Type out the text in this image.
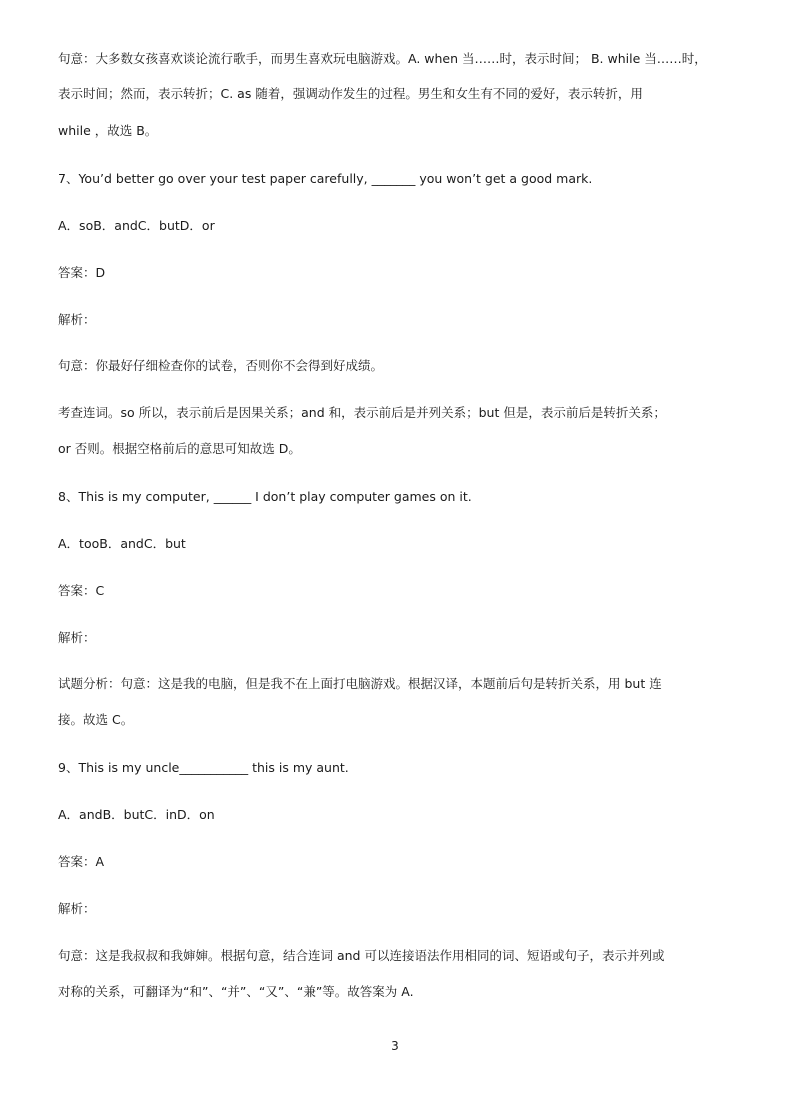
句意：大多数女孩喜欢谈论流行歌手，而男生喜欢玩电脑游戏。A. when 当……时，表示时间； B. while 当……时，
表示时间；然而，表示转折；C. as 随着，强调动作发生的过程。男生和女生有不同的爱好，表示转折，用
while ，故选 B。
7、You’d better go over your test paper carefully, _______ you won’t get a good mark.
A．soB．andC．butD．or
答案：D
解析：
句意：你最好仔细检查你的试卷，否则你不会得到好成绩。
考查连词。so 所以，表示前后是因果关系；and 和，表示前后是并列关系；but 但是，表示前后是转折关系；
or 否则。根据空格前后的意思可知故选 D。
8、This is my computer, ______ I don’t play computer games on it.
A．tooB．andC．but
答案：C
解析：
试题分析：句意：这是我的电脑，但是我不在上面打电脑游戏。根据汉译，本题前后句是转折关系，用 but 连
接。故选 C。
9、This is my uncle___________ this is my aunt.
A．andB．butC．inD．on
答案：A
解析：
句意：这是我叔叔和我婶婶。根据句意，结合连词 and 可以连接语法作用相同的词、短语或句子，表示并列或
对称的关系，可翻译为“和”、“并”、“又”、“兼”等。故答案为 A.
3
